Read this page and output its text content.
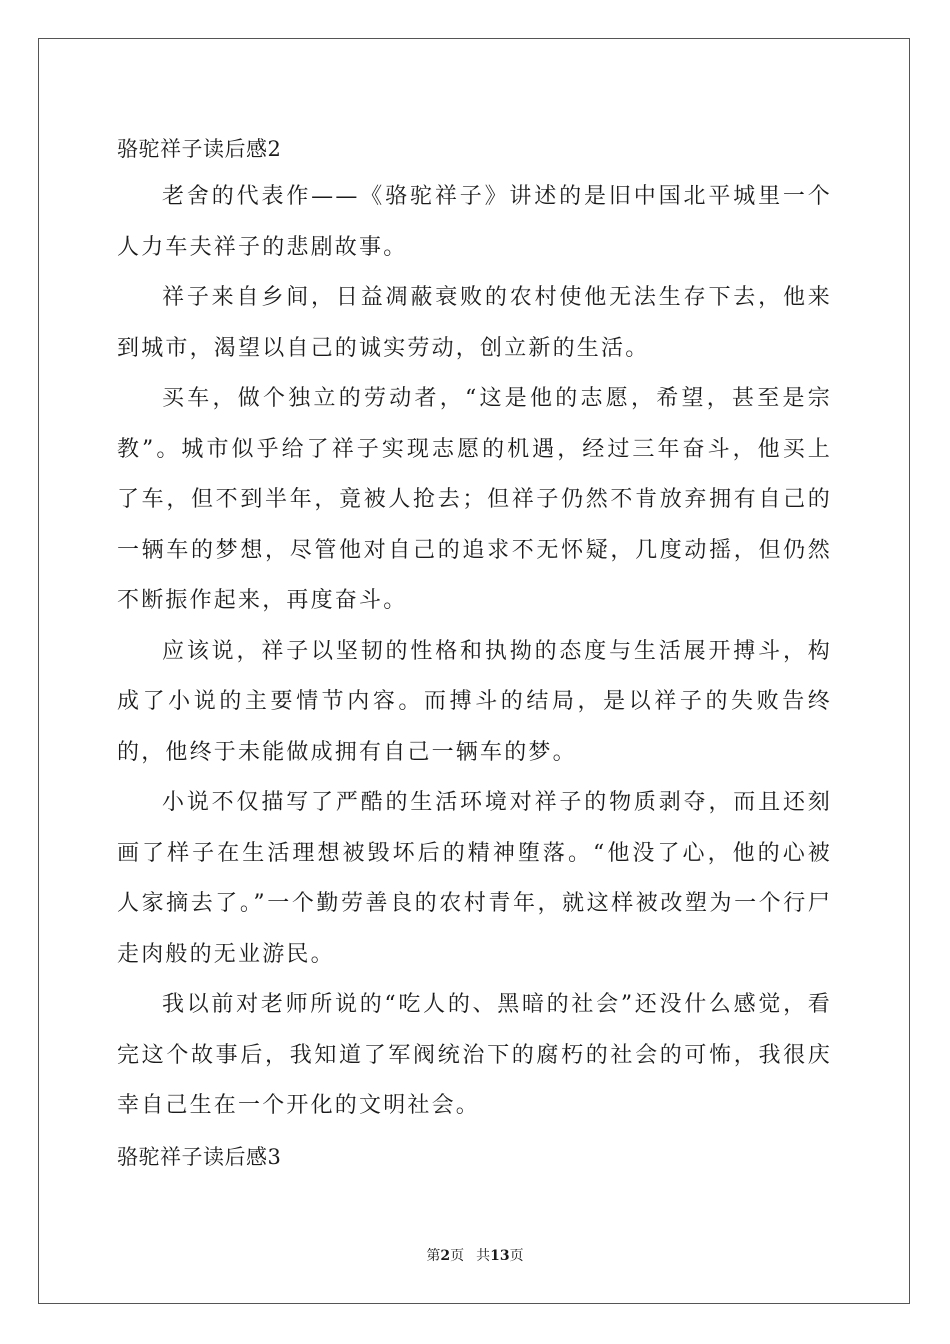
骆驼祥子读后感2

老舍的代表作——《骆驼祥子》讲述的是旧中国北平城里一个人力车夫祥子的悲剧故事。

祥子来自乡间，日益凋蔽衰败的农村使他无法生存下去，他来到城市，渴望以自己的诚实劳动，创立新的生活。

买车，做个独立的劳动者，“这是他的志愿，希望，甚至是宗教”。城市似乎给了祥子实现志愿的机遇，经过三年奋斗，他买上了车，但不到半年，竟被人抢去；但祥子仍然不肯放弃拥有自己的一辆车的梦想，尽管他对自己的追求不无怀疑，几度动摇，但仍然不断振作起来，再度奋斗。

应该说，祥子以坚韧的性格和执拗的态度与生活展开搏斗，构成了小说的主要情节内容。而搏斗的结局，是以祥子的失败告终的，他终于未能做成拥有自己一辆车的梦。

小说不仅描写了严酷的生活环境对祥子的物质剥夺，而且还刻画了样子在生活理想被毁坏后的精神堕落。“他没了心，他的心被人家摘去了。”一个勤劳善良的农村青年，就这样被改塑为一个行尸走肉般的无业游民。

我以前对老师所说的“吃人的、黑暗的社会”还没什么感觉，看完这个故事后，我知道了军阀统治下的腐朽的社会的可怖，我很庆幸自己生在一个开化的文明社会。

骆驼祥子读后感3
第2页 共13页
